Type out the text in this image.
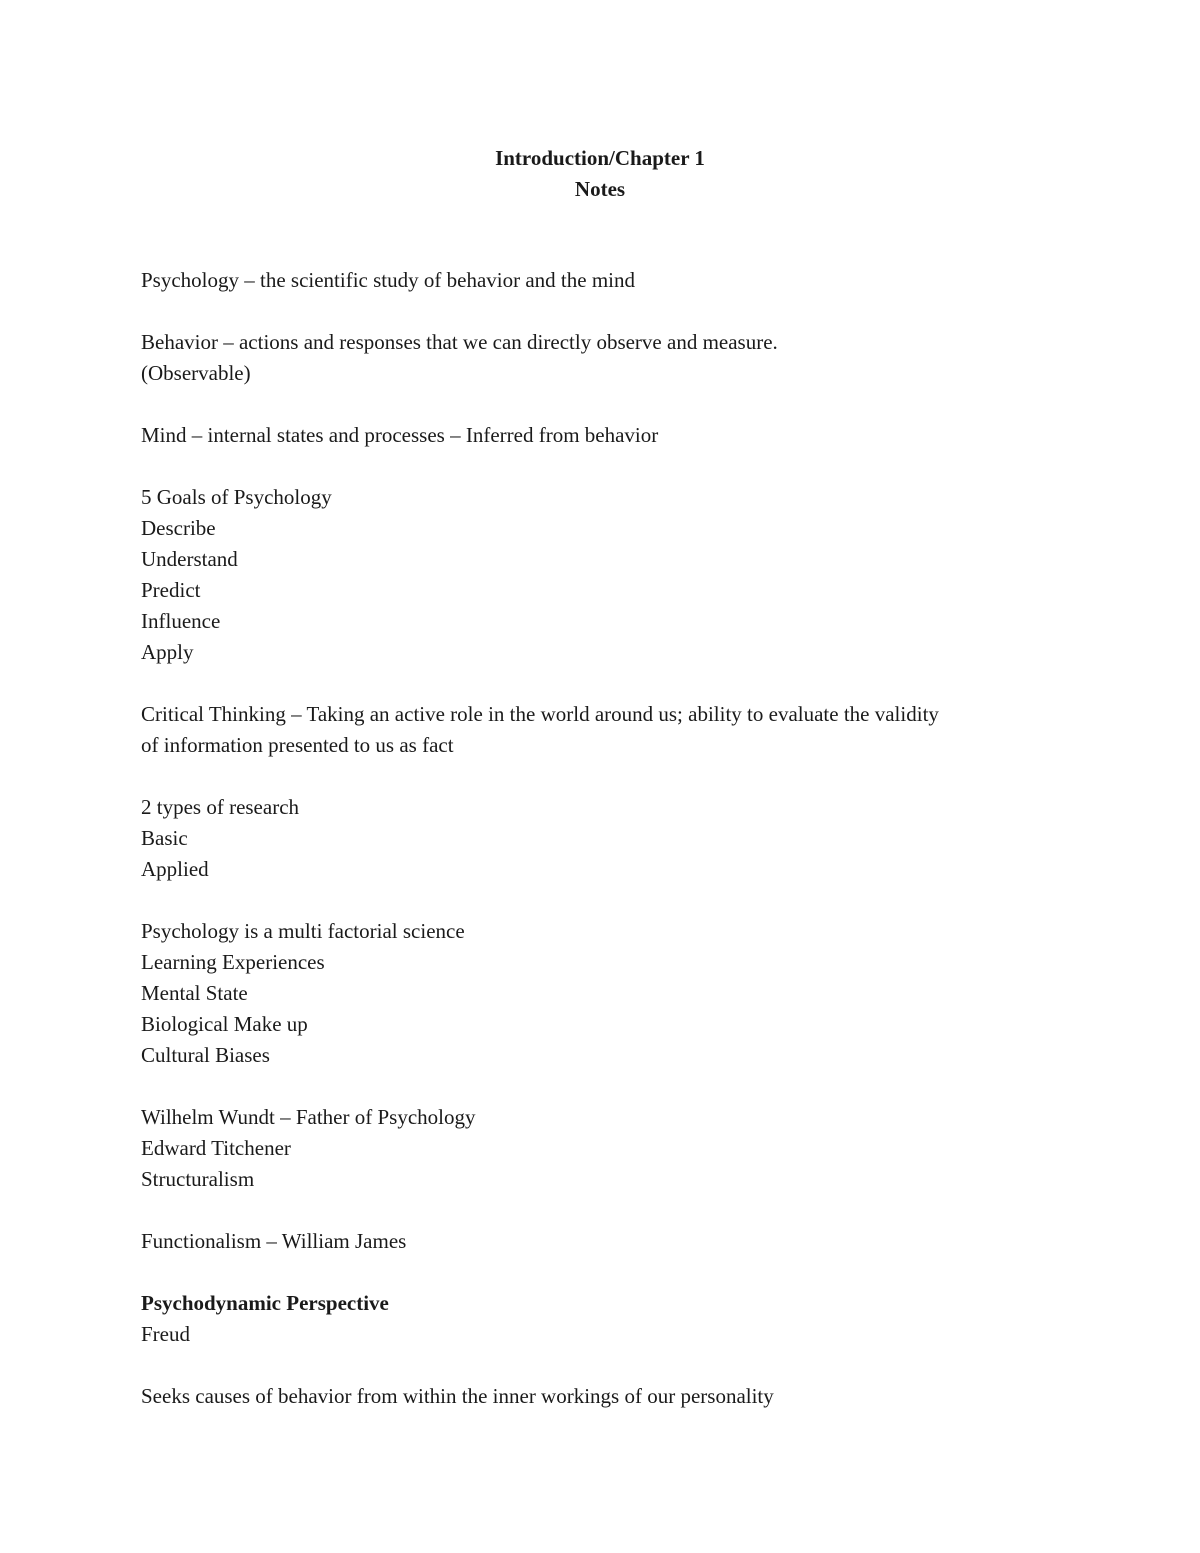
Introduction/Chapter 1
Notes
Psychology – the scientific study of behavior and the mind
Behavior – actions and responses that we can directly observe and measure.
(Observable)
Mind – internal states and processes – Inferred from behavior
5 Goals of Psychology
Describe
Understand
Predict
Influence
Apply
Critical Thinking – Taking an active role in the world around us; ability to evaluate the validity
of information presented to us as fact
2 types of research
Basic
Applied
Psychology is a multi factorial science
Learning Experiences
Mental State
Biological Make up
Cultural Biases
Wilhelm Wundt – Father of Psychology
Edward Titchener
Structuralism
Functionalism – William James
Psychodynamic Perspective
Freud
Seeks causes of behavior from within the inner workings of our personality
